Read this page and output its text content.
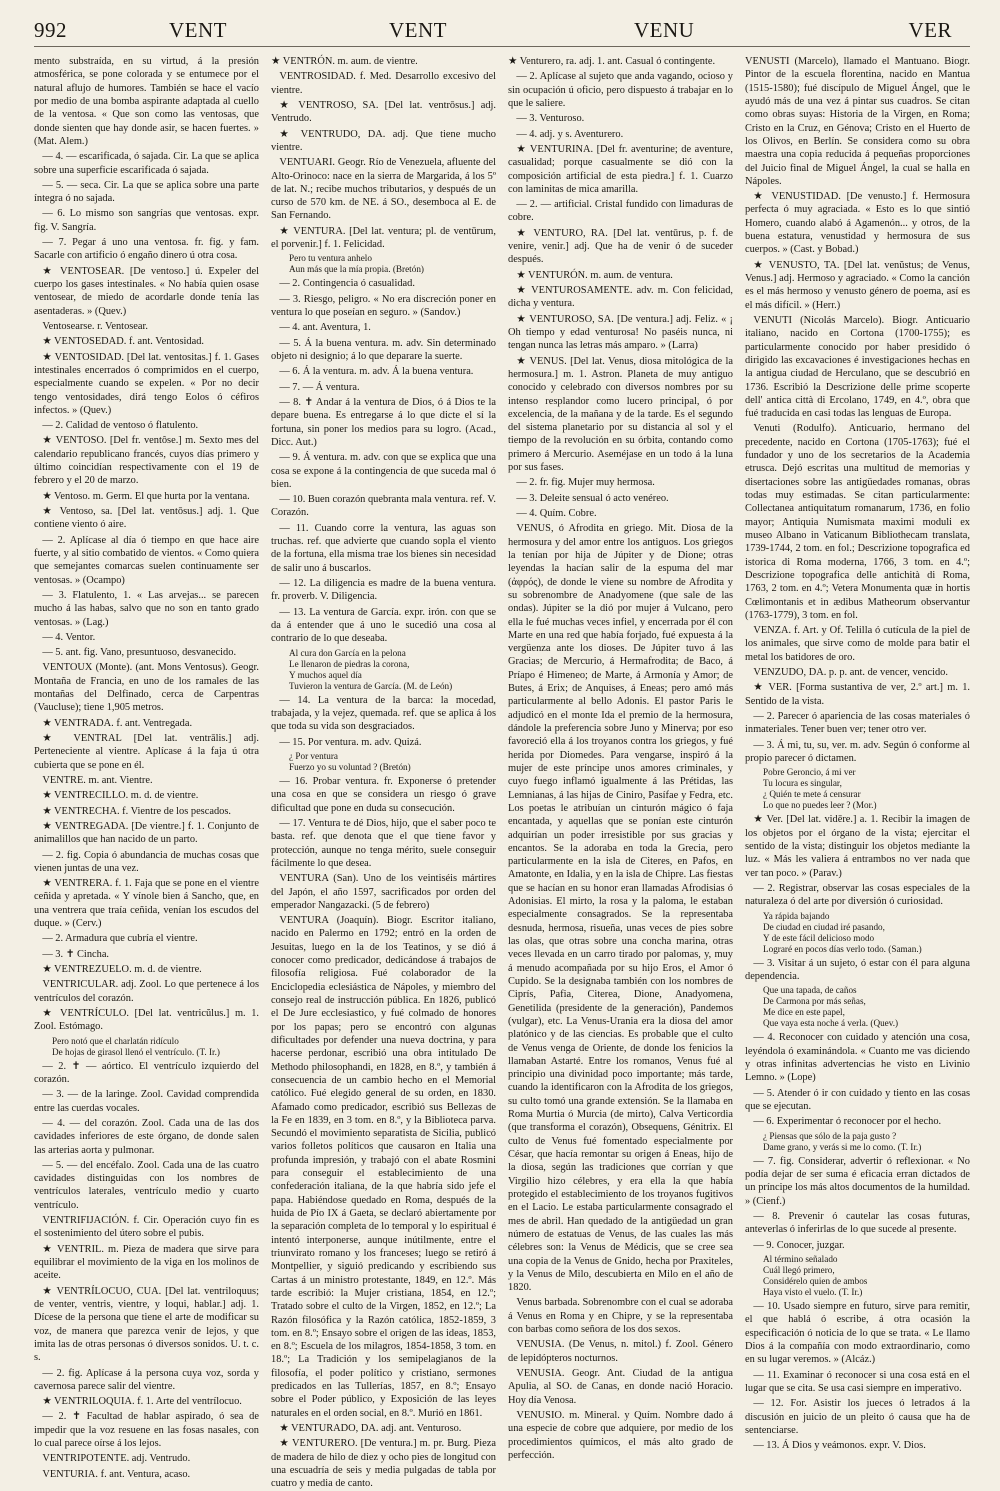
992	VENT	VENT	VENU	VER

mento substraída, en su virtud, á la presión atmosférica, se pone colorada y se entumece por el natural aflujo de humores. También se hace el vacío por medio de una bomba aspirante adaptada al cuello de la ventosa. « Que son como las ventosas, que donde sienten que hay donde asir, se hacen fuertes. » (Mat. Alem.)

— 4. — escarificada, ó sajada. Cir. La que se aplica sobre una superficie escarificada ó sajada.

— 5. — seca. Cir. La que se aplica sobre una parte íntegra ó no sajada.

— 6. Lo mismo son sangrías que ventosas. expr. fig. V. Sangría.

— 7. Pegar á uno una ventosa. fr. fig. y fam. Sacarle con artificio ó engaño dinero ú otra cosa.

★ VENTOSEAR. [De ventoso.] ú. Expeler del cuerpo los gases intestinales. « No había quien osase ventosear, de miedo de acordarle donde tenía las asentaderas. » (Quev.)

Ventosearse. r. Ventosear.

★ VENTOSEDAD. f. ant. Ventosidad.

★ VENTOSIDAD. [Del lat. ventositas.] f. 1. Gases intestinales encerrados ó comprimidos en el cuerpo, especialmente cuando se expelen. « Por no decir tengo ventosidades, dirá tengo Eolos ó céfiros infectos. » (Quev.)

— 2. Calidad de ventoso ó flatulento.

★ VENTOSO. [Del fr. ventôse.] m. Sexto mes del calendario republicano francés, cuyos días primero y último coincidían respectivamente con el 19 de febrero y el 20 de marzo.

★ Ventoso. m. Germ. El que hurta por la ventana.

★ Ventoso, sa. [Del lat. ventōsus.] adj. 1. Que contiene viento ó aire.

— 2. Aplícase al día ó tiempo en que hace aire fuerte, y al sitio combatido de vientos. « Como quiera que semejantes comarcas suelen continuamente ser ventosas. » (Ocampo)

— 3. Flatulento, 1. « Las arvejas... se parecen mucho á las habas, salvo que no son en tanto grado ventosas. » (Lag.)

— 4. Ventor.

— 5. ant. fig. Vano, presuntuoso, desvanecido.

VENTOUX (Monte). (ant. Mons Ventosus). Geogr. Montaña de Francia, en uno de los ramales de las montañas del Delfinado, cerca de Carpentras (Vaucluse); tiene 1,905 metros.

★ VENTRADA. f. ant. Ventregada.

★ VENTRAL [Del lat. ventrālis.] adj. Perteneciente al vientre. Aplícase á la faja ú otra cubierta que se pone en él.

VENTRE. m. ant. Vientre.

★ VENTRECILLO. m. d. de vientre.

★ VENTRECHA. f. Vientre de los pescados.

★ VENTREGADA. [De vientre.] f. 1. Conjunto de animalillos que han nacido de un parto.

— 2. fig. Copia ó abundancia de muchas cosas que vienen juntas de una vez.

★ VENTRERA. f. 1. Faja que se pone en el vientre ceñida y apretada. « Y vínole bien á Sancho, que, en una ventrera que traía ceñida, venían los escudos del duque. » (Cerv.)

— 2. Armadura que cubría el vientre.

— 3. ✝ Cincha.

★ VENTREZUELO. m. d. de vientre.

VENTRICULAR. adj. Zool. Lo que pertenece á los ventrículos del corazón.

★ VENTRÍCULO. [Del lat. ventricŭlus.] m. 1. Zool. Estómago.

Pero notó que el charlatán ridículo
De hojas de girasol llenó el ventrículo. (T. Ir.)

— 2. ✝ — aórtico. El ventrículo izquierdo del corazón.

— 3. — de la laringe. Zool. Cavidad comprendida entre las cuerdas vocales.

— 4. — del corazón. Zool. Cada una de las dos cavidades inferiores de este órgano, de donde salen las arterias aorta y pulmonar.

— 5. — del encéfalo. Zool. Cada una de las cuatro cavidades distinguidas con los nombres de ventrículos laterales, ventrículo medio y cuarto ventrículo.

VENTRIFIJACIÓN. f. Cir. Operación cuyo fin es el sostenimiento del útero sobre el pubis.

★ VENTRIL. m. Pieza de madera que sirve para equilibrar el movimiento de la viga en los molinos de aceite.

★ VENTRÍLOCUO, CUA. [Del lat. ventriloquus; de venter, ventris, vientre, y loqui, hablar.] adj. 1. Dícese de la persona que tiene el arte de modificar su voz, de manera que parezca venir de lejos, y que imita las de otras personas ó diversos sonidos. U. t. c. s.

— 2. fig. Aplícase á la persona cuya voz, sorda y cavernosa parece salir del vientre.

★ VENTRILOQUIA. f. 1. Arte del ventrílocuo.

— 2. ✝ Facultad de hablar aspirado, ó sea de impedir que la voz resuene en las fosas nasales, con lo cual parece oírse á los lejos.

VENTRIPOTENTE. adj. Ventrudo.

VENTURIA. f. ant. Ventura, acaso.

★ VENTRÓN. m. aum. de vientre.

VENTROSIDAD. f. Med. Desarrollo excesivo del vientre.

★ VENTROSO, SA. [Del lat. ventrōsus.] adj. Ventrudo.

★ VENTRUDO, DA. adj. Que tiene mucho vientre.

VENTUARI. Geogr. Río de Venezuela, afluente del Alto-Orinoco: nace en la sierra de Margarida, á los 5º de lat. N.; recibe muchos tributarios, y después de un curso de 570 km. de NE. á SO., desemboca al E. de San Fernando.

★ VENTURA. [Del lat. ventura; pl. de ventūrum, el porvenir.] f. 1. Felicidad.

Pero tu ventura anhelo
Aun más que la mía propia. (Bretón)

— 2. Contingencia ó casualidad.

— 3. Riesgo, peligro. « No era discreción poner en ventura lo que poseían en seguro. » (Sandov.)

— 4. ant. Aventura, 1.

— 5. Á la buena ventura. m. adv. Sin determinado objeto ni designio; á lo que deparare la suerte.

— 6. Á la ventura. m. adv. Á la buena ventura.

— 7. — Á ventura.

— 8. ✝ Andar á la ventura de Dios, ó á Dios te la depare buena. Es entregarse á lo que dicte el sí la fortuna, sin poner los medios para su logro. (Acad., Dicc. Aut.)

— 9. Á ventura. m. adv. con que se explica que una cosa se expone á la contingencia de que suceda mal ó bien.

— 10. Buen corazón quebranta mala ventura. ref. V. Corazón.

— 11. Cuando corre la ventura, las aguas son truchas. ref. que advierte que cuando sopla el viento de la fortuna, ella misma trae los bienes sin necesidad de salir uno á buscarlos.

— 12. La diligencia es madre de la buena ventura. fr. proverb. V. Diligencia.

— 13. La ventura de García. expr. irón. con que se da á entender que á uno le sucedió una cosa al contrario de lo que deseaba.

Al cura don García en la pelona
Le llenaron de piedras la corona,
Y muchos aquel día
Tuvieron la ventura de García. (M. de León)

— 14. La ventura de la barca: la mocedad, trabajada, y la vejez, quemada. ref. que se aplica á los que toda su vida son desgraciados.

— 15. Por ventura. m. adv. Quizá.

¿ Por ventura
Fuerzo yo su voluntad ? (Bretón)

— 16. Probar ventura. fr. Exponerse ó pretender una cosa en que se considera un riesgo ó grave dificultad que pone en duda su consecución.

— 17. Ventura te dé Dios, hijo, que el saber poco te basta. ref. que denota que el que tiene favor y protección, aunque no tenga mérito, suele conseguir fácilmente lo que desea.

VENTURA (San). Uno de los veintiséis mártires del Japón, el año 1597, sacrificados por orden del emperador Nangazacki. (5 de febrero)

VENTURA (Joaquín). Biogr. Escritor italiano, nacido en Palermo en 1792; entró en la orden de Jesuitas, luego en la de los Teatinos, y se dió á conocer como predicador, dedicándose á trabajos de filosofía religiosa. Fué colaborador de la Enciclopedia eclesiástica de Nápoles, y miembro del consejo real de instrucción pública. En 1826, publicó el De Jure ecclesiastico, y fué colmado de honores por los papas; pero se encontró con algunas dificultades por defender una nueva doctrina, y para hacerse perdonar, escribió una obra intitulado De Methodo philosophandi, en 1828, en 8.º, y también á consecuencia de un cambio hecho en el Memorial católico. Fué elegido general de su orden, en 1830. Afamado como predicador, escribió sus Bellezas de la Fe en 1839, en 3 tom. en 8.º, y la Biblioteca parva. Secundó el movimiento separatista de Sicilia, publicó varios folletos políticos que causaron en Italia una profunda impresión, y trabajó con el abate Rosmini para conseguir el establecimiento de una confederación italiana, de la que habría sido jefe el papa. Habiéndose quedado en Roma, después de la huida de Pío IX á Gaeta, se declaró abiertamente por la separación completa de lo temporal y lo espiritual é intentó interponerse, aunque inútilmente, entre el triunvirato romano y los franceses; luego se retiró á Montpellier, y siguió predicando y escribiendo sus Cartas á un ministro protestante, 1849, en 12.º. Más tarde escribió: la Mujer cristiana, 1854, en 12.º; Tratado sobre el culto de la Virgen, 1852, en 12.º; La Razón filosófica y la Razón católica, 1852-1859, 3 tom. en 8.º; Ensayo sobre el origen de las ideas, 1853, en 8.º; Escuela de los milagros, 1854-1858, 3 tom. en 18.º; La Tradición y los semipelagianos de la filosofía, el poder político y cristiano, sermones predicados en las Tullerías, 1857, en 8.º; Ensayo sobre el Poder público, y Exposición de las leyes naturales en el orden social, en 8.º. Murió en 1861.

★ VENTURADO, DA. adj. ant. Venturoso.

★ VENTURERO. [De ventura.] m. pr. Burg. Pieza de madera de hilo de diez y ocho pies de longitud con una escuadría de seis y media pulgadas de tabla por cuatro y media de canto.

★ Venturero, ra. adj. 1. ant. Casual ó contingente.

— 2. Aplícase al sujeto que anda vagando, ocioso y sin ocupación ú oficio, pero dispuesto á trabajar en lo que le saliere.

— 3. Venturoso.

— 4. adj. y s. Aventurero.

★ VENTURINA. [Del fr. aventurine; de aventure, casualidad; porque casualmente se dió con la composición artificial de esta piedra.] f. 1. Cuarzo con laminitas de mica amarilla.

— 2. — artificial. Cristal fundido con limaduras de cobre.

★ VENTURO, RA. [Del lat. ventūrus, p. f. de venire, venir.] adj. Que ha de venir ó de suceder después.

★ VENTURÓN. m. aum. de ventura.

★ VENTUROSAMENTE. adv. m. Con felicidad, dicha y ventura.

★ VENTUROSO, SA. [De ventura.] adj. Feliz. « ¡ Oh tiempo y edad venturosa! No paséis nunca, ni tengan nunca las letras más amparo. » (Larra)

★ VENUS. [Del lat. Venus, diosa mitológica de la hermosura.] m. 1. Astron. Planeta de muy antiguo conocido y celebrado con diversos nombres por su intenso resplandor como lucero principal, ó por excelencia, de la mañana y de la tarde. Es el segundo del sistema planetario por su distancia al sol y el tiempo de la revolución en su órbita, contando como primero á Mercurio. Aseméjase en un todo á la luna por sus fases.

— 2. fr. fig. Mujer muy hermosa.

— 3. Deleite sensual ó acto venéreo.

— 4. Quím. Cobre.

VENUS, ó Afrodita en griego. Mit. Diosa de la hermosura y del amor entre los antiguos. Los griegos la tenían por hija de Júpiter y de Dione; otras leyendas la hacían salir de la espuma del mar (ἀφρός), de donde le viene su nombre de Afrodita y su sobrenombre de Anadyomene (que sale de las ondas). Júpiter se la dió por mujer á Vulcano, pero ella le fué muchas veces infiel, y encerrada por él con Marte en una red que había forjado, fué expuesta á la vergüenza ante los dioses. De Júpiter tuvo á las Gracias; de Mercurio, á Hermafrodita; de Baco, á Príapo é Himeneo; de Marte, á Armonía y Amor; de Butes, á Erix; de Anquises, á Eneas; pero amó más particularmente al bello Adonis. El pastor Paris le adjudicó en el monte Ida el premio de la hermosura, dándole la preferencia sobre Juno y Minerva; por eso favoreció ella á los troyanos contra los griegos, y fué herida por Diomedes. Para vengarse, inspiró á la mujer de este príncipe unos amores criminales, y cuyo fuego inflamó igualmente á las Prétidas, las Lemnianas, á las hijas de Ciniro, Pasífae y Fedra, etc. Los poetas le atribuían un cinturón mágico ó faja encantada, y aquellas que se ponían este cinturón adquirían un poder irresistible por sus gracias y encantos. Se la adoraba en toda la Grecia, pero particularmente en la isla de Citeres, en Pafos, en Amatonte, en Idalia, y en la isla de Chipre. Las fiestas que se hacían en su honor eran llamadas Afrodisias ó Adonisias. El mirto, la rosa y la paloma, le estaban especialmente consagrados. Se la representaba desnuda, hermosa, risueña, unas veces de pies sobre las olas, que otras sobre una concha marina, otras veces llevada en un carro tirado por palomas, y, muy á menudo acompañada por su hijo Eros, el Amor ó Cupido. Se la designaba también con los nombres de Ciprís, Pafia, Citerea, Dione, Anadyomena, Genetilida (presidente de la generación), Pandemos (vulgar), etc. La Venus-Urania era la diosa del amor platónico y de las ciencias. Es probable que el culto de Venus venga de Oriente, de donde los fenicios la llamaban Astarté. Entre los romanos, Venus fué al principio una divinidad poco importante; más tarde, cuando la identificaron con la Afrodita de los griegos, su culto tomó una grande extensión. Se la llamaba en Roma Murtia ó Murcia (de mirto), Calva Verticordia (que transforma el corazón), Obsequens, Génitrix. El culto de Venus fué fomentado especialmente por César, que hacía remontar su origen á Eneas, hijo de la diosa, según las tradiciones que corrían y que Virgilio hizo célebres, y era ella la que había protegido el establecimiento de los troyanos fugitivos en el Lacio. Le estaba particularmente consagrado el mes de abril. Han quedado de la antigüedad un gran número de estatuas de Venus, de las cuales las más célebres son: la Venus de Médicis, que se cree sea una copia de la Venus de Gnido, hecha por Praxiteles, y la Venus de Milo, descubierta en Milo en el año de 1820.

Venus barbada. Sobrenombre con el cual se adoraba á Venus en Roma y en Chipre, y se la representaba con barbas como señora de los dos sexos.

VENUSIA. (De Venus, n. mitol.) f. Zool. Género de lepidópteros nocturnos.

VENUSIA. Geogr. Ant. Ciudad de la antigua Apulia, al SO. de Canas, en donde nació Horacio. Hoy día Venosa.

VENUSIO. m. Mineral. y Quím. Nombre dado á una especie de cobre que adquiere, por medio de los procedimientos químicos, el más alto grado de perfección.

VENUSTI (Marcelo), llamado el Mantuano. Biogr. Pintor de la escuela florentina, nacido en Mantua (1515-1580); fué discípulo de Miguel Ángel, que le ayudó más de una vez á pintar sus cuadros. Se citan como obras suyas: Historia de la Virgen, en Roma; Cristo en la Cruz, en Génova; Cristo en el Huerto de los Olivos, en Berlín. Se considera como su obra maestra una copia reducida á pequeñas proporciones del Juicio final de Miguel Ángel, la cual se halla en Nápoles.

★ VENUSTIDAD. [De venusto.] f. Hermosura perfecta ó muy agraciada. « Esto es lo que sintió Homero, cuando alabó á Agamenón... y otros, de la buena estatura, venustidad y hermosura de sus cuerpos. » (Cast. y Bobad.)

★ VENUSTO, TA. [Del lat. venŭstus; de Venus, Venus.] adj. Hermoso y agraciado. « Como la canción es el más hermoso y venusto género de poema, así es el más difícil. » (Herr.)

VENUTI (Nicolás Marcelo). Biogr. Anticuario italiano, nacido en Cortona (1700-1755); es particularmente conocido por haber presidido ó dirigido las excavaciones é investigaciones hechas en la antigua ciudad de Herculano, que se descubrió en 1736. Escribió la Descrizione delle prime scoperte dell' antica città di Ercolano, 1749, en 4.º, obra que fué traducida en casi todas las lenguas de Europa.

Venuti (Rodulfo). Anticuario, hermano del precedente, nacido en Cortona (1705-1763); fué el fundador y uno de los secretarios de la Academia etrusca. Dejó escritas una multitud de memorias y disertaciones sobre las antigüedades romanas, obras todas muy estimadas. Se citan particularmente: Collectanea antiquitatum romanarum, 1736, en folio mayor; Antiquia Numismata maximi moduli ex museo Albano in Vaticanum Bibliothecam translata, 1739-1744, 2 tom. en fol.; Descrizione topografica ed istorica di Roma moderna, 1766, 3 tom. en 4.º; Descrizione topografica delle antichità di Roma, 1763, 2 tom. en 4.º; Vetera Monumenta quæ in hortis Cœlimontanis et in ædibus Matheorum observantur (1763-1779), 3 tom. en fol.

VENZA. f. Art. y Of. Telilla ó cutícula de la piel de los animales, que sirve como de molde para batir el metal los batidores de oro.

VENZUDO, DA. p. p. ant. de vencer, vencido.

★ VER. [Forma sustantiva de ver, 2.º art.] m. 1. Sentido de la vista.

— 2. Parecer ó apariencia de las cosas materiales ó inmateriales. Tener buen ver; tener otro ver.

— 3. Á mi, tu, su, ver. m. adv. Según ó conforme al propio parecer ó dictamen.

Pobre Geroncio, á mi ver
Tu locura es singular,
¿ Quién te mete á censurar
Lo que no puedes leer ? (Mor.)

★ Ver. [Del lat. vidēre.] a. 1. Recibir la imagen de los objetos por el órgano de la vista; ejercitar el sentido de la vista; distinguir los objetos mediante la luz. « Más les valiera á entrambos no ver nada que ver tan poco. » (Parav.)

— 2. Registrar, observar las cosas especiales de la naturaleza ó del arte por diversión ó curiosidad.

Ya rápida bajando
De ciudad en ciudad iré pasando,
Y de este fácil delicioso modo
Lograré en pocos días verlo todo. (Saman.)

— 3. Visitar á un sujeto, ó estar con él para alguna dependencia.

Que una tapada, de caños
De Carmona por más señas,
Me dice en este papel,
Que vaya esta noche á verla. (Quev.)

— 4. Reconocer con cuidado y atención una cosa, leyéndola ó examinándola. « Cuanto me vas diciendo y otras infinitas advertencias he visto en Livinio Lemno. » (Lope)

— 5. Atender ó ir con cuidado y tiento en las cosas que se ejecutan.

— 6. Experimentar ó reconocer por el hecho.

¿ Piensas que sólo de la paja gusto ?
Dame grano, y verás si me lo como. (T. Ir.)

— 7. fig. Considerar, advertir ó reflexionar. « No podía dejar de ser suma é eficacia erran dictados de un príncipe los más altos documentos de la humildad. » (Cienf.)

— 8. Prevenir ó cautelar las cosas futuras, anteverlas ó inferirlas de lo que sucede al presente.

— 9. Conocer, juzgar.

Al término señalado
Cuál llegó primero,
Considérelo quien de ambos
Haya visto el vuelo. (T. Ir.)

— 10. Usado siempre en futuro, sirve para remitir, el que hablá ó escribe, á otra ocasión la especificación ó noticia de lo que se trata. « Le llamo Dios á la compañía con modo extraordinario, como en su lugar veremos. » (Alcáz.)

— 11. Examinar ó reconocer si una cosa está en el lugar que se cita. Se usa casi siempre en imperativo.

— 12. For. Asistir los jueces ó letrados á la discusión en juicio de un pleito ó causa que ha de sentenciarse.

— 13. Á Dios y veámonos. expr. V. Dios.
